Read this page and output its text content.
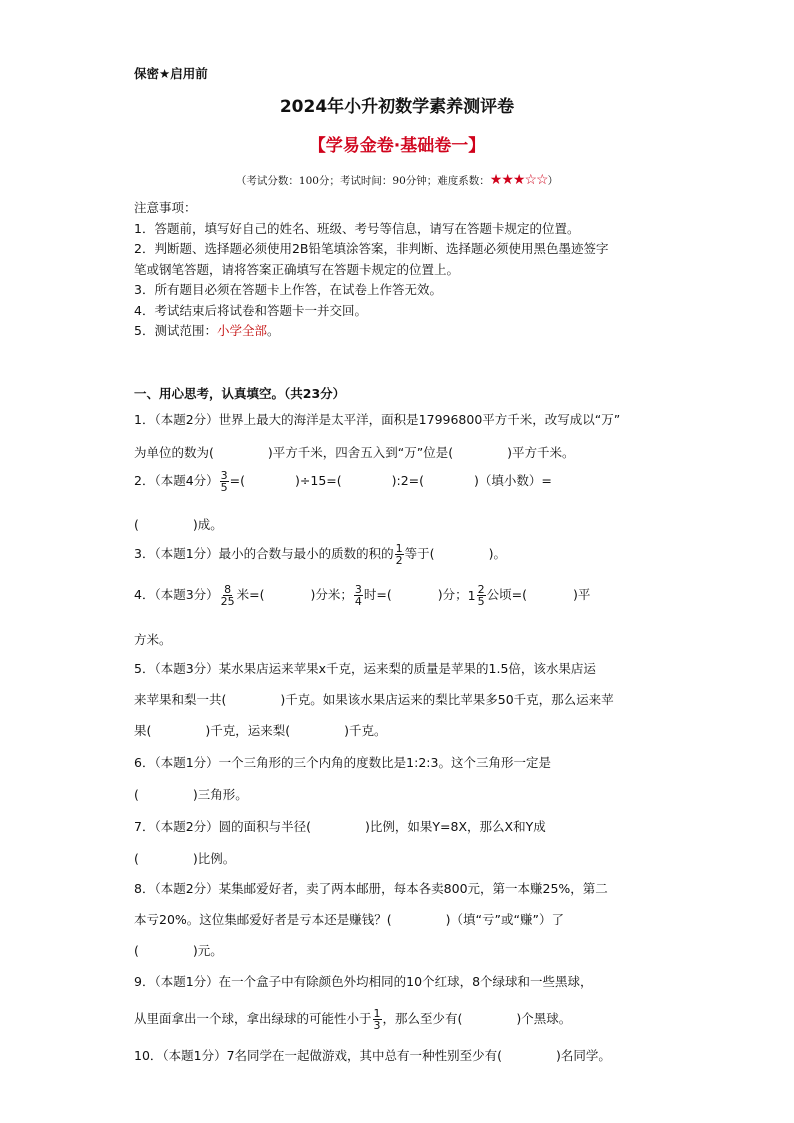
保密★启用前
2024年小升初数学素养测评卷
【学易金卷·基础卷一】
（考试分数：100分；考试时间：90分钟；难度系数：★★★☆☆）
注意事项：
1．答题前，填写好自己的姓名、班级、考号等信息，请写在答题卡规定的位置。
2．判断题、选择题必须使用2B铅笔填涂答案，非判断、选择题必须使用黑色墨迹签字
笔或钢笔答题，请将答案正确填写在答题卡规定的位置上。
3．所有题目必须在答题卡上作答，在试卷上作答无效。
4．考试结束后将试卷和答题卡一并交回。
5．测试范围：小学全部。
一、用心思考，认真填空。（共23分）
1．（本题2分）世界上最大的海洋是太平洋，面积是17996800平方千米，改写成以“万”
为单位的数为(	)平方千米，四舍五入到“万”位是(	)平方千米。
2．（本题4分） $\frac{3}{5}$ =(	)÷15=(	):2=(	)（填小数）=
(	)成。
3．（本题1分）最小的合数与最小的质数的积的 $\frac{1}{2}$ 等于(	)。
4．（本题3分） $\frac{8}{25}$ 米=(	)分米； $\frac{3}{4}$ 时=(	)分； $1 \frac{2}{5}$ 公顷=(	)平
方米。
5．（本题3分）某水果店运来苹果x千克，运来梨的质量是苹果的1.5倍，该水果店运
来苹果和梨一共(	)千克。如果该水果店运来的梨比苹果多50千克，那么运来苹
果(	)千克，运来梨(	)千克。
6．（本题1分）一个三角形的三个内角的度数比是1:2:3。这个三角形一定是
(	)三角形。
7．（本题2分）圆的面积与半径(	)比例，如果Y=8X，那么X和Y成
(	)比例。
8．（本题2分）某集邮爱好者，卖了两本邮册，每本各卖800元，第一本赚25%，第二
本亏20%。这位集邮爱好者是亏本还是赚钱？(	)（填“亏”或“赚”）了
(	)元。
9．（本题1分）在一个盒子中有除颜色外均相同的10个红球，8个绿球和一些黑球，
从里面拿出一个球，拿出绿球的可能性小于 $\frac{1}{3}$ ，那么至少有(	)个黑球。
10．（本题1分）7名同学在一起做游戏，其中总有一种性别至少有(	)名同学。
